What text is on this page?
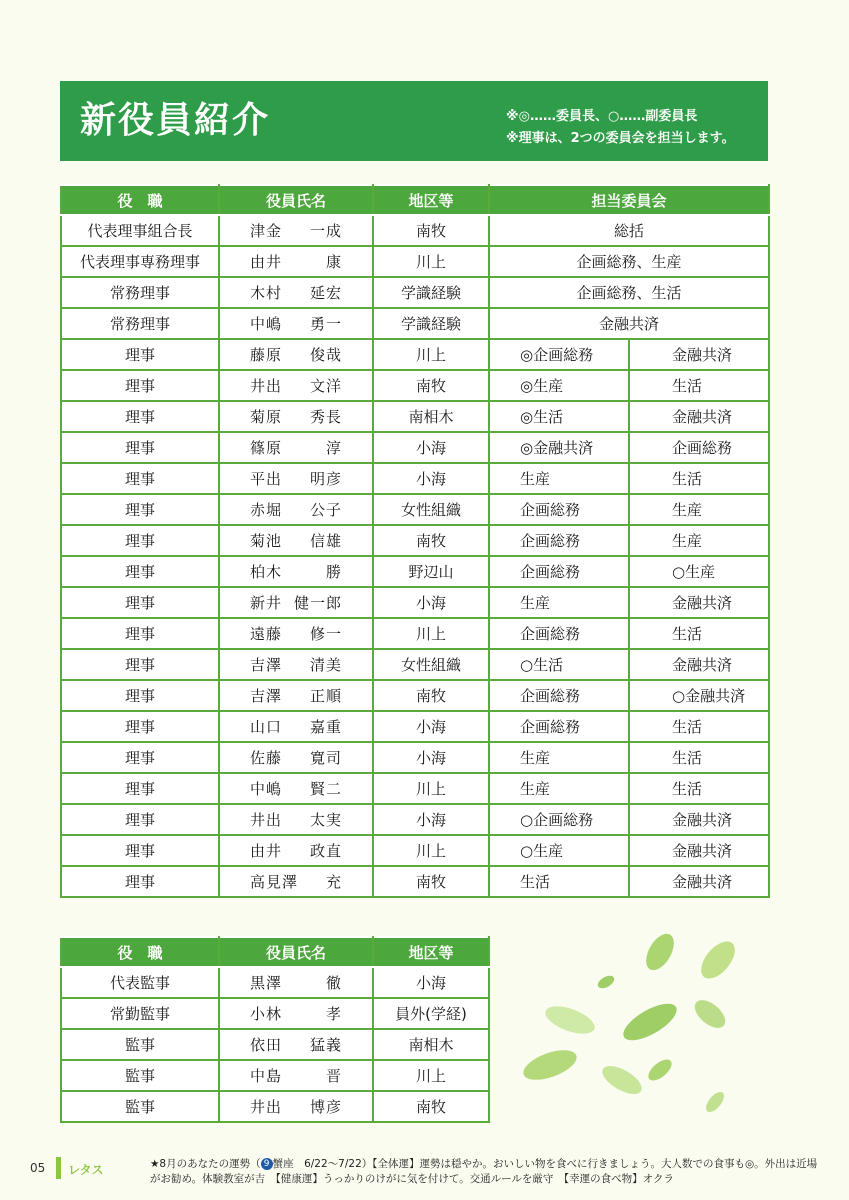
新役員紹介	※◎……委員長、○……副委員長
※理事は、2つの委員会を担当します。
役　職	役員氏名	地区等	担当委員会	
代表理事組合長	津金 一成	南牧	総括	
代表理事専務理事	由井 康	川上	企画総務、生産	
常務理事	木村 延宏	学識経験	企画総務、生活	
常務理事	中嶋 勇一	学識経験	金融共済	
理事	藤原 俊哉	川上	◎企画総務	金融共済
理事	井出 文洋	南牧	◎生産	生活
理事	菊原 秀長	南相木	◎生活	金融共済
理事	篠原 淳	小海	◎金融共済	企画総務
理事	平出 明彦	小海	生産	生活
理事	赤堀 公子	女性組織	企画総務	生産
理事	菊池 信雄	南牧	企画総務	生産
理事	柏木 勝	野辺山	企画総務	○生産
理事	新井 健一郎	小海	生産	金融共済
理事	遠藤 修一	川上	企画総務	生活
理事	吉澤 清美	女性組織	○生活	金融共済
理事	吉澤 正順	南牧	企画総務	○金融共済
理事	山口 嘉重	小海	企画総務	生活
理事	佐藤 寛司	小海	生産	生活
理事	中嶋 賢二	川上	生産	生活
理事	井出 太実	小海	○企画総務	金融共済
理事	由井 政直	川上	○生産	金融共済
理事	高見澤 充	南牧	生活	金融共済
役　職	役員氏名	地区等
代表監事	黒澤 徹	小海
常勤監事	小林 孝	員外(学経)
監事	依田 猛義	南相木
監事	中島 晋	川上
監事	井出 博彦	南牧
05 レタス	★8月のあなたの運勢（ 9 蟹座　6/22〜7/22）【全体運】運勢は穏やか。おいしい物を食べに行きましょう。大人数での食事も◎。外出は近場
がお勧め。体験教室が吉　【健康運】うっかりのけがに気を付けて。交通ルールを厳守　【幸運の食べ物】オクラ
